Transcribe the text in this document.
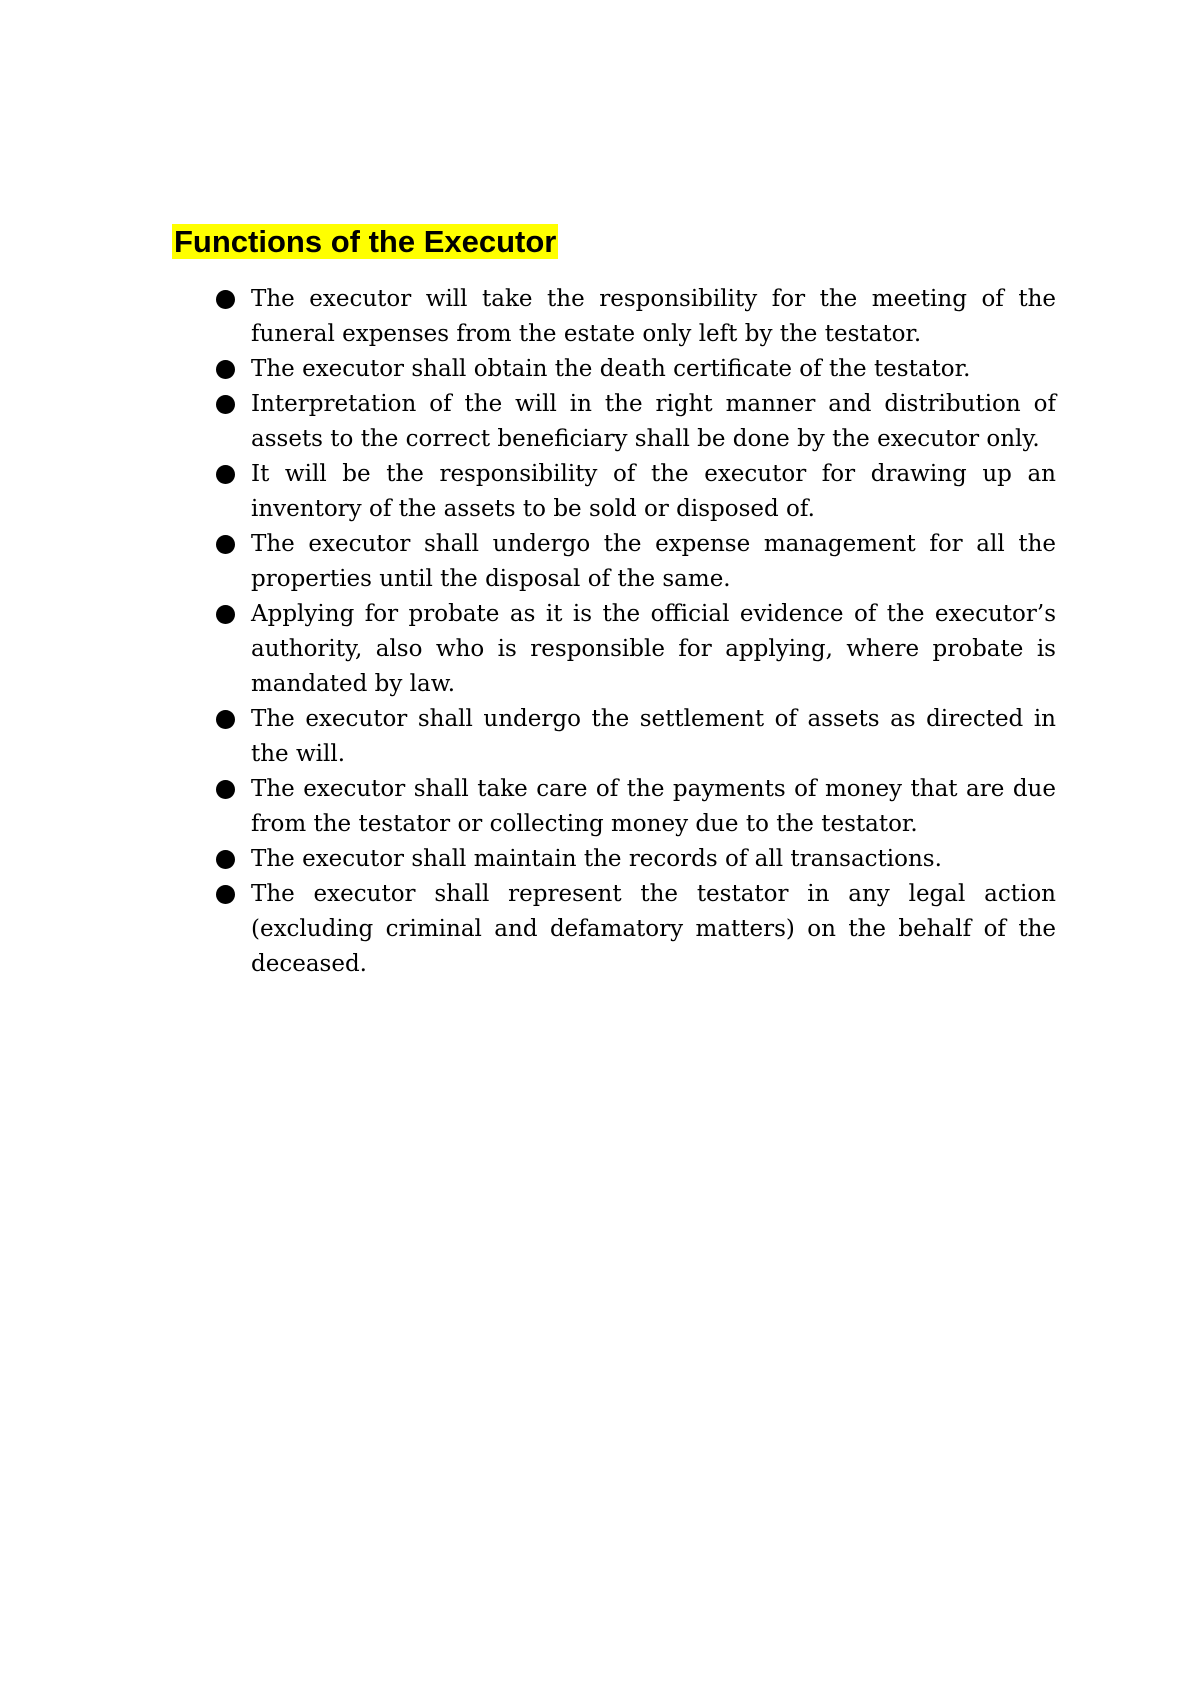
Functions of the Executor
The executor will take the responsibility for the meeting of the funeral expenses from the estate only left by the testator.
The executor shall obtain the death certificate of the testator.
Interpretation of the will in the right manner and distribution of assets to the correct beneficiary shall be done by the executor only.
It will be the responsibility of the executor for drawing up an inventory of the assets to be sold or disposed of.
The executor shall undergo the expense management for all the properties until the disposal of the same.
Applying for probate as it is the official evidence of the executor’s authority, also who is responsible for applying, where probate is mandated by law.
The executor shall undergo the settlement of assets as directed in the will.
The executor shall take care of the payments of money that are due from the testator or collecting money due to the testator.
The executor shall maintain the records of all transactions.
The executor shall represent the testator in any legal action (excluding criminal and defamatory matters) on the behalf of the deceased.
